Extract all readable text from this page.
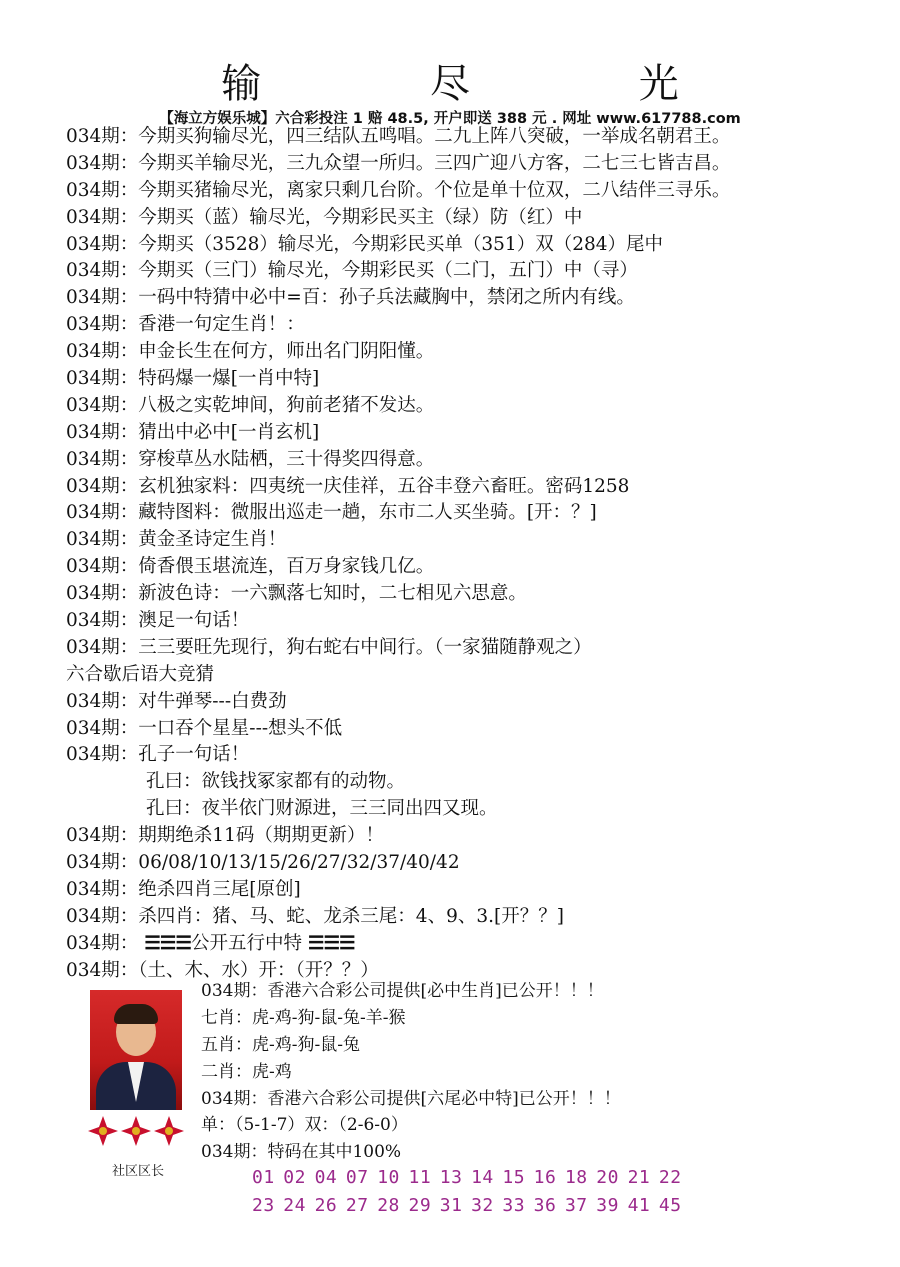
输 尽 光
【海立方娱乐城】六合彩投注 1 赔 48.5, 开户即送 388 元 . 网址 www.617788.com
034期：今期买狗输尽光，四三结队五鸣唱。二九上阵八突破，一举成名朝君王。
034期：今期买羊输尽光，三九众望一所归。三四广迎八方客，二七三七皆吉昌。
034期：今期买猪输尽光，离家只剩几台阶。个位是单十位双，二八结伴三寻乐。
034期：今期买（蓝）输尽光，今期彩民买主（绿）防（红）中
034期：今期买（3528）输尽光，今期彩民买单（351）双（284）尾中
034期：今期买（三门）输尽光，今期彩民买（二门，五门）中（寻）
034期：一码中特猜中必中=百：孙子兵法藏胸中，禁闭之所内有线。
034期：香港一句定生肖！：
034期：申金长生在何方，师出名门阴阳懂。
034期：特码爆一爆[一肖中特]
034期：八极之实乾坤间，狗前老猪不发达。
034期：猜出中必中[一肖玄机]
034期：穿梭草丛水陆栖，三十得奖四得意。
034期：玄机独家料：四夷统一庆佳祥，五谷丰登六畜旺。密码1258
034期：藏特图料：微服出巡走一趟，东市二人买坐骑。[开：？]
034期：黄金圣诗定生肖！
034期：倚香偎玉堪流连，百万身家钱几亿。
034期：新波色诗：一六飘落七知时，二七相见六思意。
034期：澳足一句话！
034期：三三要旺先现行，狗右蛇右中间行。（一家猫随静观之）
六合歇后语大竞猜
034期：对牛弹琴---白费劲
034期：一口吞个星星---想头不低
034期：孔子一句话！
孔曰：欲钱找冢家都有的动物。
孔曰：夜半依门财源进，三三同出四又现。
034期：期期绝杀11码（期期更新）！
034期：06/08/10/13/15/26/27/32/37/40/42
034期：绝杀四肖三尾[原创]
034期：杀四肖：猪、马、蛇、龙杀三尾：4、9、3.[开？？]
034期： ☰☰☰公开五行中特 ☰☰☰
034期：（土、木、水）开：（开？？）
社区区长
034期：香港六合彩公司提供[必中生肖]已公开！！！
七肖：虎-鸡-狗-鼠-兔-羊-猴
五肖：虎-鸡-狗-鼠-兔
二肖：虎-鸡
034期：香港六合彩公司提供[六尾必中特]已公开！！！
单：（5-1-7）双：（2-6-0）
034期：特码在其中100%
01 02 04 07 10 11 13 14 15 16 18 20 21 22
23 24 26 27 28 29 31 32 33 36 37 39 41 45
